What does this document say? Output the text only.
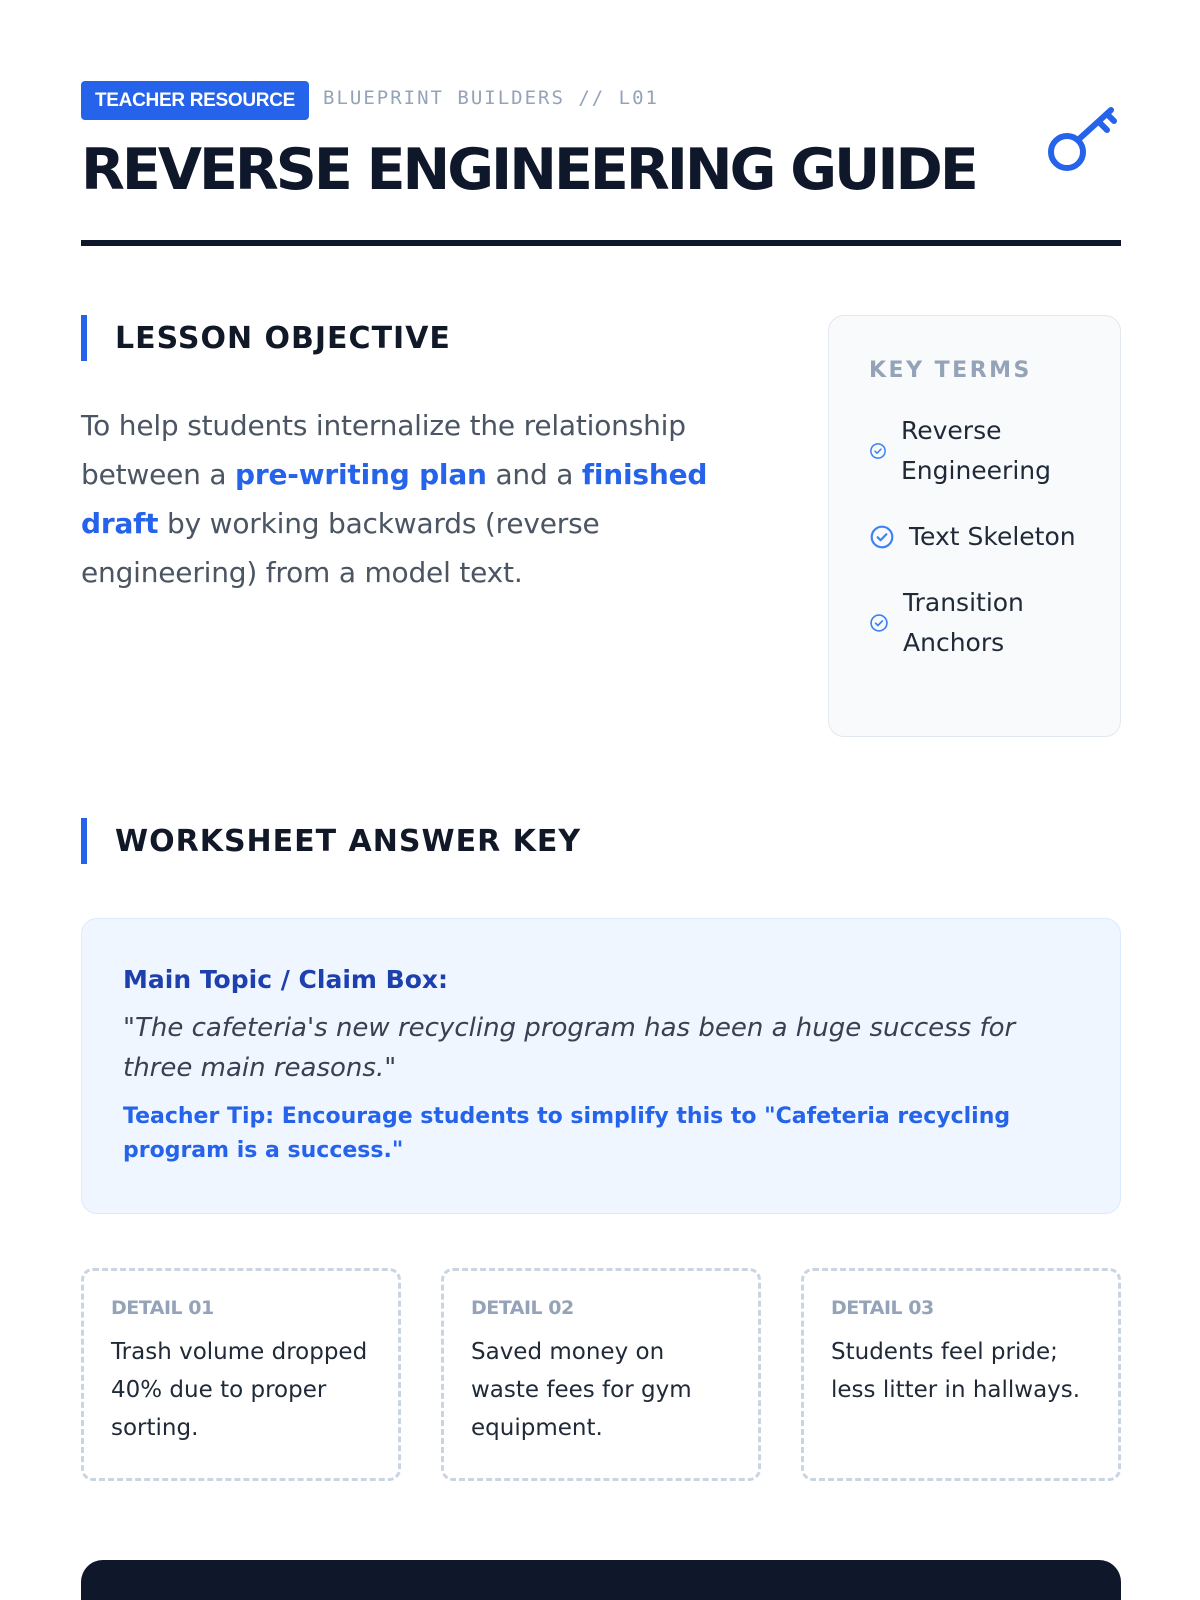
TEACHER RESOURCE	BLUEPRINT BUILDERS // L01
REVERSE ENGINEERING GUIDE
LESSON OBJECTIVE

To help students internalize the relationship between a pre-writing plan and a finished draft by working backwards (reverse engineering) from a model text.

KEY TERMS
Reverse Engineering
Text Skeleton
Transition Anchors
WORKSHEET ANSWER KEY
Main Topic / Claim Box:
"The cafeteria's new recycling program has been a huge success for three main reasons."
Teacher Tip: Encourage students to simplify this to "Cafeteria recycling program is a success."
DETAIL 01
Trash volume dropped 40% due to proper sorting.
DETAIL 02
Saved money on waste fees for gym equipment.
DETAIL 03
Students feel pride; less litter in hallways.
